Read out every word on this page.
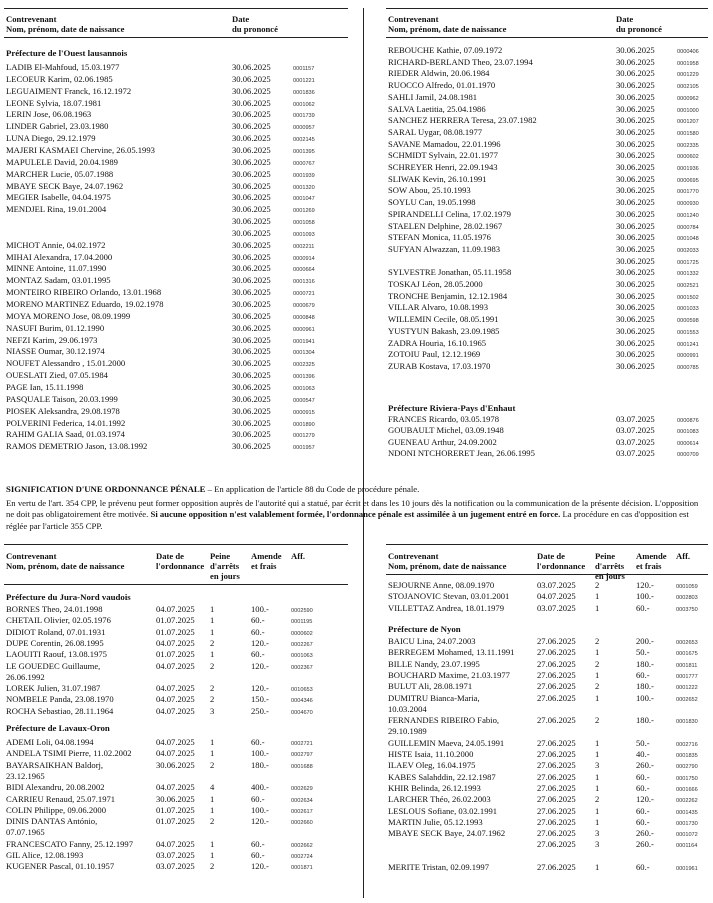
Contrevenant
Nom, prénom, date de naissance
Date
du prononcé
Préfecture de l'Ouest lausannois
LADIB El-Mahfoud, 15.03.1977	30.06.2025	0001157
LECOEUR Karim, 02.06.1985	30.06.2025	0001221
LEGUAIMENT Franck, 16.12.1972	30.06.2025	0001836
LEONE Sylvia, 18.07.1981	30.06.2025	0001062
LERIN Jose, 06.08.1963	30.06.2025	0001739
LINDER Gabriel, 23.03.1980	30.06.2025	0000957
LUNA Diego, 29.12.1979	30.06.2025	0002145
MAJERI KASMAEI Chervine, 26.05.1993	30.06.2025	0001395
MAPULELE David, 20.04.1989	30.06.2025	0000767
MARCHER Lucie, 05.07.1988	30.06.2025	0001939
MBAYE SECK Baye, 24.07.1962	30.06.2025	0001320
MEGIER Isabelle, 04.04.1975	30.06.2025	0001047
MENDJEL Rina, 19.01.2004	30.06.2025	0001269
30.06.2025	0001058
30.06.2025	0001093
MICHOT Annie, 04.02.1972	30.06.2025	0002211
MIHAI Alexandra, 17.04.2000	30.06.2025	0000914
MINNE Antoine, 11.07.1990	30.06.2025	0000664
MONTAZ Sadam, 03.01.1995	30.06.2025	0001316
MONTEIRO RIBEIRO Orlando, 13.01.1968	30.06.2025	0000721
MORENO MARTINEZ Eduardo, 19.02.1978	30.06.2025	0000679
MOYA MORENO Jose, 08.09.1999	30.06.2025	0000848
NASUFI Burim, 01.12.1990	30.06.2025	0000961
NEFZI Karim, 29.06.1973	30.06.2025	0001941
NIASSE Oumar, 30.12.1974	30.06.2025	0001304
NOUFET Alessandro , 15.01.2000	30.06.2025	0002325
OUESLATI Zied, 07.05.1984	30.06.2025	0001396
PAGE Ian, 15.11.1998	30.06.2025	0001063
PASQUALE Taison, 20.03.1999	30.06.2025	0000547
PIOSEK Aleksandra, 29.08.1978	30.06.2025	0000915
POLVERINI Federica, 14.01.1992	30.06.2025	0001890
RAHIM GALIA Saad, 01.03.1974	30.06.2025	0001279
RAMOS DEMETRIO Jason, 13.08.1992	30.06.2025	0001957
Contrevenant
Nom, prénom, date de naissance
Date
du prononcé
REBOUCHE Kathie, 07.09.1972	30.06.2025	0000406
RICHARD-BERLAND Theo, 23.07.1994	30.06.2025	0001958
RIEDER Aldwin, 20.06.1984	30.06.2025	0001229
RUOCCO Alfredo, 01.01.1970	30.06.2025	0002105
SAHLI Jamil, 24.08.1981	30.06.2025	0000962
SALVA Laetitia, 25.04.1986	30.06.2025	0001000
SANCHEZ HERRERA Teresa, 23.07.1982	30.06.2025	0001207
SARAL Uygar, 08.08.1977	30.06.2025	0001580
SAVANE Mamadou, 22.01.1996	30.06.2025	0002335
SCHMIDT Sylvain, 22.01.1977	30.06.2025	0000602
SCHREYER Henri, 22.09.1943	30.06.2025	0001936
SLIWAK Kevin, 26.10.1991	30.06.2025	0000695
SOW Abou, 25.10.1993	30.06.2025	0001770
SOYLU Can, 19.05.1998	30.06.2025	0000930
SPIRANDELLI Celina, 17.02.1979	30.06.2025	0001240
STAELEN Delphine, 28.02.1967	30.06.2025	0000784
STEFAN Monica, 11.05.1976	30.06.2025	0001048
SUFYAN Alwazzan, 11.09.1983	30.06.2025	0002033
30.06.2025	0001725
SYLVESTRE Jonathan, 05.11.1958	30.06.2025	0001332
TOSKAJ Léon, 28.05.2000	30.06.2025	0002521
TRONCHE Benjamin, 12.12.1984	30.06.2025	0001502
VILLAR Alvaro, 10.08.1993	30.06.2025	0001033
WILLEMIN Cecile, 08.05.1991	30.06.2025	0000598
YUSTYUN Bakash, 23.09.1985	30.06.2025	0001553
ZADRA Houria, 16.10.1965	30.06.2025	0001241
ZOTOIU Paul, 12.12.1969	30.06.2025	0000991
ZURAB Kostava, 17.03.1970	30.06.2025	0000785
Préfecture Riviera-Pays d'Enhaut
FRANCES Ricardo, 03.05.1978	03.07.2025	0000876
GOUBAULT Michel, 03.09.1948	03.07.2025	0001083
GUENEAU Arthur, 24.09.2002	03.07.2025	0000614
NDONI NTCHORERET Jean, 26.06.1995	03.07.2025	0000709

SIGNIFICATION D'UNE ORDONNANCE PÉNALE – En application de l'article 88 du Code de procédure pénale.

En vertu de l'art. 354 CPP, le prévenu peut former opposition auprès de l'autorité qui a statué, par écrit et dans les 10 jours dès la notification ou la communication de la présente décision. L'opposition ne doit pas obligatoirement être motivée. Si aucune opposition n'est valablement formée, l'ordonnance pénale est assimilée à un jugement entré en force. La procédure en cas d'opposition est réglée par l'article 355 CPP.

Contrevenant
Nom, prénom, date de naissance
Date de
l'ordonnance
Peine
d'arrêts
en jours
Amende
et frais
Aff.
Préfecture du Jura-Nord vaudois
BORNES Theo, 24.01.1998	04.07.2025 1	100.-	0002590
CHETAIL Olivier, 02.05.1976	01.07.2025 1	60.-	0001195
DIDIOT Roland, 07.01.1931	01.07.2025 1	60.-	0000602
DUPE Corentin, 26.08.1995	04.07.2025 2	120.-	0002267
LAOUITI Raouf, 13.08.1975	01.07.2025 1	60.-	0001063
LE GOUEDEC Guillaume,	04.07.2025 2	120.-	0002367
26.06.1992
LOREK Julien, 31.07.1987	04.07.2025 2	120.-	0010653
NOMBELE Panda, 23.08.1970	04.07.2025 2	150.-	0004346
ROCHA Sebastiao, 28.11.1964	04.07.2025 3	250.-	0004670
Préfecture de Lavaux-Oron
ADEMI Loli, 04.08.1994	04.07.2025 1	60.-	0002721
ANDELA TSIMI Pierre, 11.02.2002	04.07.2025 1	100.-	0002797
BAYARSAIKHAN Baldorj,	30.06.2025 2	180.-	0001688
23.12.1965
BIDI Alexandru, 20.08.2002	04.07.2025 4	400.-	0002629
CARRIEU Renaud, 25.07.1971	30.06.2025 1	60.-	0002634
COLIN Philippe, 09.06.2000	01.07.2025 1	100.-	0002617
DINIS DANTAS António,	01.07.2025 2	120.-	0002660
07.07.1965
FRANCESCATO Fanny, 25.12.1997	04.07.2025 1	60.-	0002662
GIL Alice, 12.08.1993	03.07.2025 1	60.-	0002724
KUGENER Pascal, 01.10.1957	03.07.2025 2	120.-	0001871
Contrevenant
Nom, prénom, date de naissance
Date de
l'ordonnance
Peine
d'arrêts
en jours
Amende
et frais
Aff.
SEJOURNE Anne, 08.09.1970	03.07.2025 2	120.-	0001059
STOJANOVIC Stevan, 03.01.2001	04.07.2025 1	100.-	0002803
VILLETTAZ Andrea, 18.01.1979	03.07.2025 1	60.-	0003750
Préfecture de Nyon
BAICU Lina, 24.07.2003	27.06.2025 2	200.-	0002653
BERREGEM Mohamed, 13.11.1991	27.06.2025 1	50.-	0001675
BILLE Nandy, 23.07.1995	27.06.2025 2	180.-	0001811
BOUCHARD Maxime, 21.03.1977	27.06.2025 1	60.-	0001777
BULUT Ali, 28.08.1971	27.06.2025 2	180.-	0001222
DUMITRU Bianca-Maria,	27.06.2025 1	100.-	0002652
10.03.2004
FERNANDES RIBEIRO Fabio,	27.06.2025 2	180.-	0001830
29.10.1989
GUILLEMIN Maeva, 24.05.1991	27.06.2025 1	50.-	0002716
HISTE Isaia, 11.10.2000	27.06.2025 1	40.-	0001835
ILAEV Oleg, 16.04.1975	27.06.2025 3	260.-	0002790
KABES Salahddin, 22.12.1987	27.06.2025 1	60.-	0001750
KHIR Belinda, 26.12.1993	27.06.2025 1	60.-	0001666
LARCHER Théo, 26.02.2003	27.06.2025 2	120.-	0002262
LESLOUS Sofiane, 03.02.1991	27.06.2025 1	60.-	0001435
MARTIN Julie, 05.12.1993	27.06.2025 1	60.-	0001730
MBAYE SECK Baye, 24.07.1962	27.06.2025 3	260.-	0001072
27.06.2025 3	260.-	0001164
MERITE Tristan, 02.09.1997	27.06.2025 1	60.-	0001961
